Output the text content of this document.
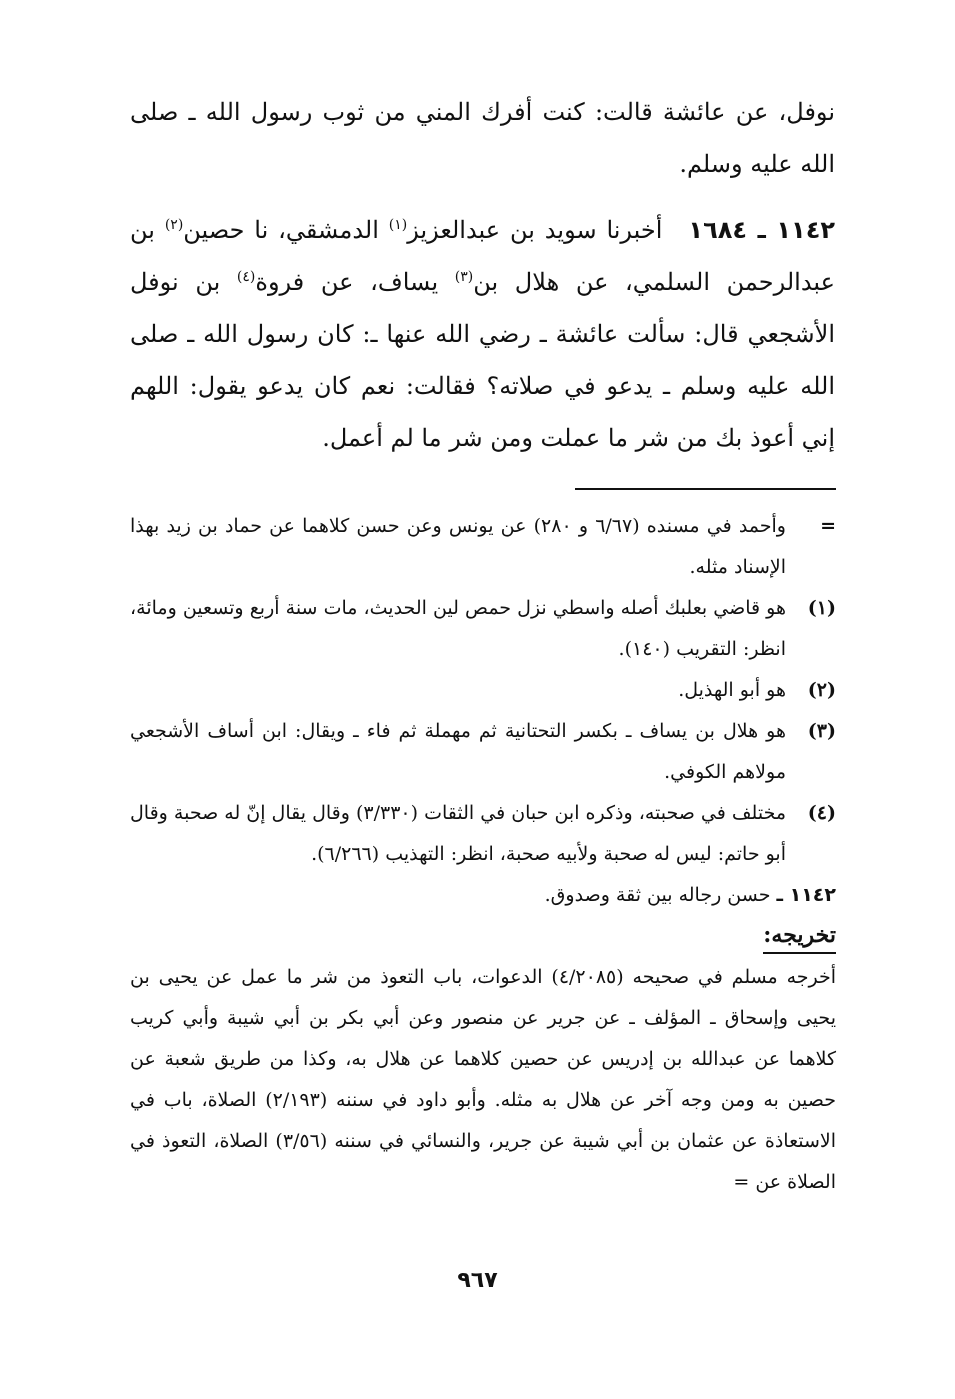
نوفل، عن عائشة قالت: كنت أفرك المني من ثوب رسول الله ـ صلى الله عليه وسلم.

١١٤٢ ـ ١٦٨٤أخبرنا سويد بن عبدالعزيز$^{(١)}$ الدمشقي، نا حصين$^{(٢)}$ بن عبدالرحمن السلمي، عن هلال بن$^{(٣)}$ يساف، عن فروة$^{(٤)}$ بن نوفل الأشجعي قال: سألت عائشة ـ رضي الله عنها ـ: كان رسول الله ـ صلى الله عليه وسلم ـ يدعو في صلاته؟ فقالت: نعم كان يدعو يقول: اللهم إني أعوذ بك من شر ما عملت ومن شر ما لم أعمل.

=
وأحمد في مسنده (٦/٦٧ و ٢٨٠) عن يونس وعن حسن كلاهما عن حماد بن زيد بهذا الإسناد مثله.
(١)
هو قاضي بعلبك أصله واسطي نزل حمص لين الحديث، مات سنة أربع وتسعين ومائة، انظر: التقريب (١٤٠).
(٢)
هو أبو الهذيل.
(٣)
هو هلال بن يساف ـ بكسر التحتانية ثم مهملة ثم فاء ـ ويقال: ابن أساف الأشجعي مولاهم الكوفي.
(٤)
مختلف في صحبته، وذكره ابن حبان في الثقات (٣/٣٣٠) وقال يقال إنّ له صحبة وقال أبو حاتم: ليس له صحبة ولأبيه صحبة، انظر: التهذيب (٦/٢٦٦).
١١٤٢ ـ حسن رجاله بين ثقة وصدوق.
تخريجه:
أخرجه مسلم في صحيحه (٤/٢٠٨٥) الدعوات، باب التعوذ من شر ما عمل عن يحيى بن يحيى وإسحاق ـ المؤلف ـ عن جرير عن منصور وعن أبي بكر بن أبي شيبة وأبي كريب كلاهما عن عبدالله بن إدريس عن حصين كلاهما عن هلال به، وكذا من طريق شعبة عن حصين به ومن وجه آخر عن هلال به مثله. وأبو داود في سننه (٢/١٩٣) الصلاة، باب في الاستعاذة عن عثمان بن أبي شيبة عن جرير، والنسائي في سننه (٣/٥٦) الصلاة، التعوذ في الصلاة عن =
٩٦٧
